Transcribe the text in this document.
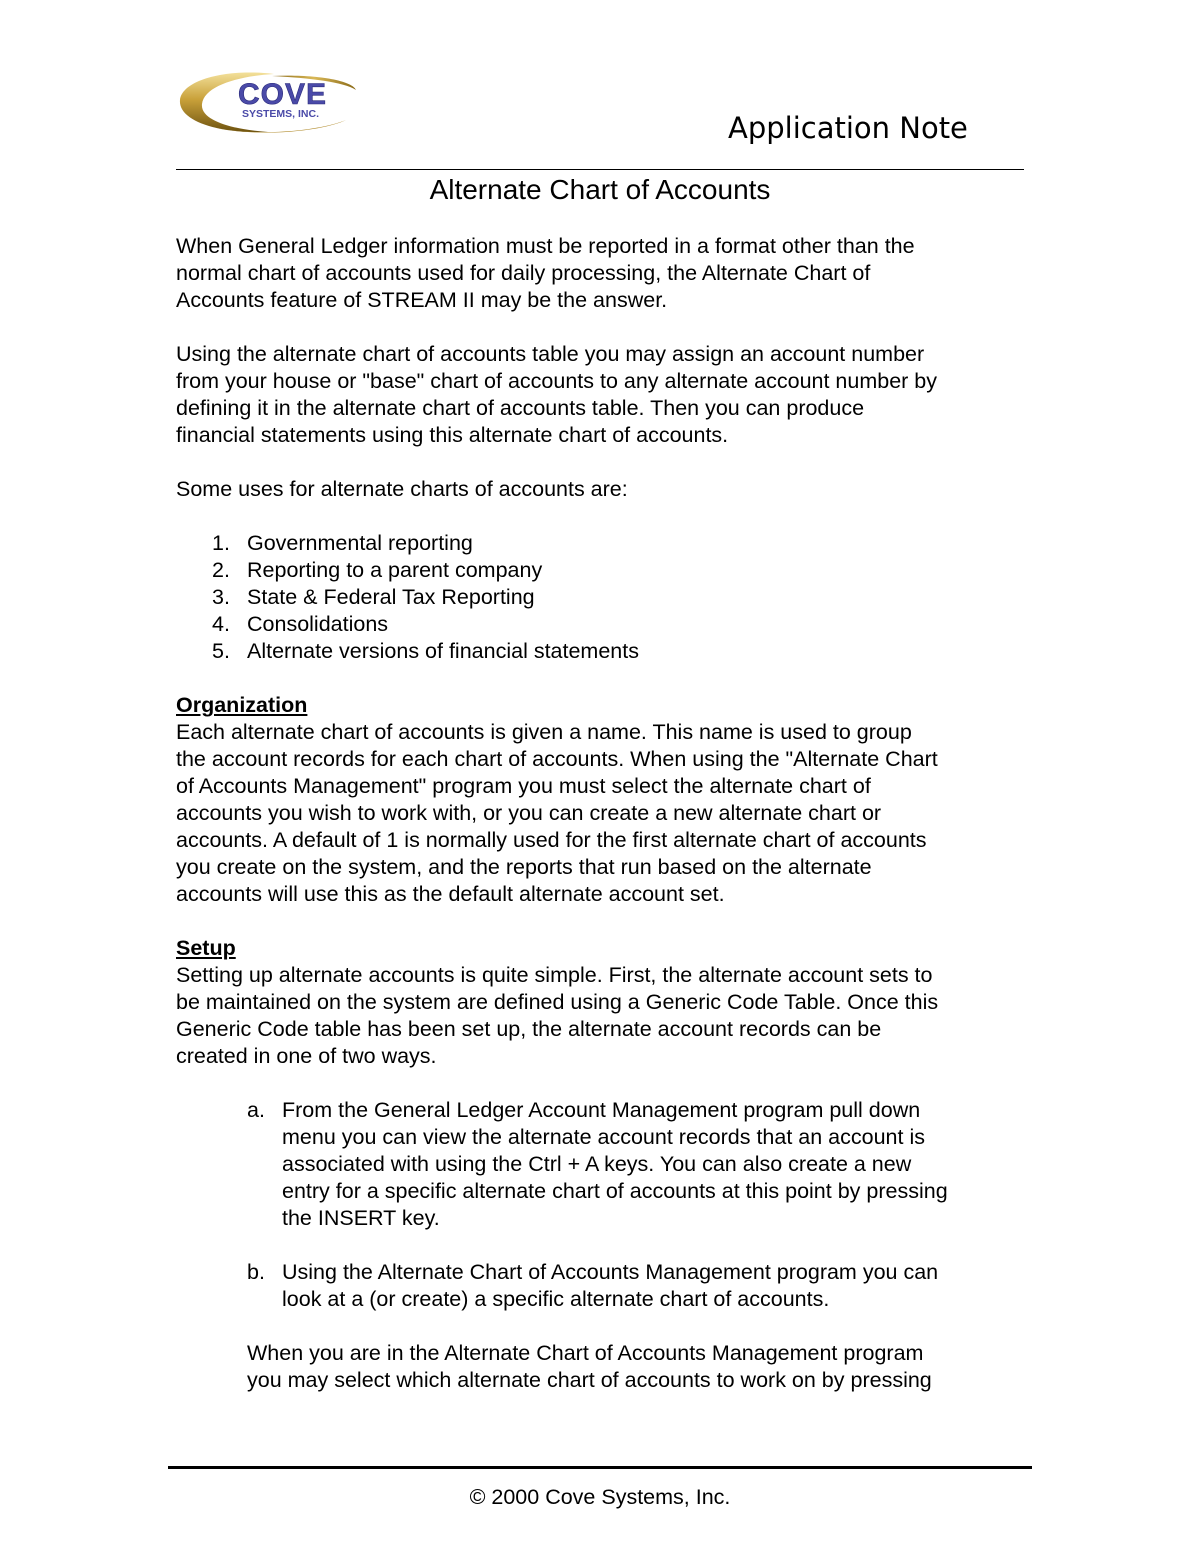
COVE
SYSTEMS, INC.	Application Note
Alternate Chart of Accounts

When General Ledger information must be reported in a format other than the

normal chart of accounts used for daily processing, the Alternate Chart of

Accounts feature of STREAM II may be the answer.

Using the alternate chart of accounts table you may assign an account number

from your house or "base" chart of accounts to any alternate account number by

defining it in the alternate chart of accounts table. Then you can produce

financial statements using this alternate chart of accounts.

Some uses for alternate charts of accounts are:

1. Governmental reporting
2. Reporting to a parent company
3. State & Federal Tax Reporting
4. Consolidations
5. Alternate versions of financial statements

Organization

Each alternate chart of accounts is given a name. This name is used to group

the account records for each chart of accounts. When using the "Alternate Chart

of Accounts Management" program you must select the alternate chart of

accounts you wish to work with, or you can create a new alternate chart or

accounts. A default of 1 is normally used for the first alternate chart of accounts

you create on the system, and the reports that run based on the alternate

accounts will use this as the default alternate account set.

Setup

Setting up alternate accounts is quite simple. First, the alternate account sets to

be maintained on the system are defined using a Generic Code Table. Once this

Generic Code table has been set up, the alternate account records can be

created in one of two ways.

a. From the General Ledger Account Management program pull down
menu you can view the alternate account records that an account is
associated with using the Ctrl + A keys. You can also create a new
entry for a specific alternate chart of accounts at this point by pressing
the INSERT key.
b. Using the Alternate Chart of Accounts Management program you can
look at a (or create) a specific alternate chart of accounts.

When you are in the Alternate Chart of Accounts Management program

you may select which alternate chart of accounts to work on by pressing

© 2000 Cove Systems, Inc.
